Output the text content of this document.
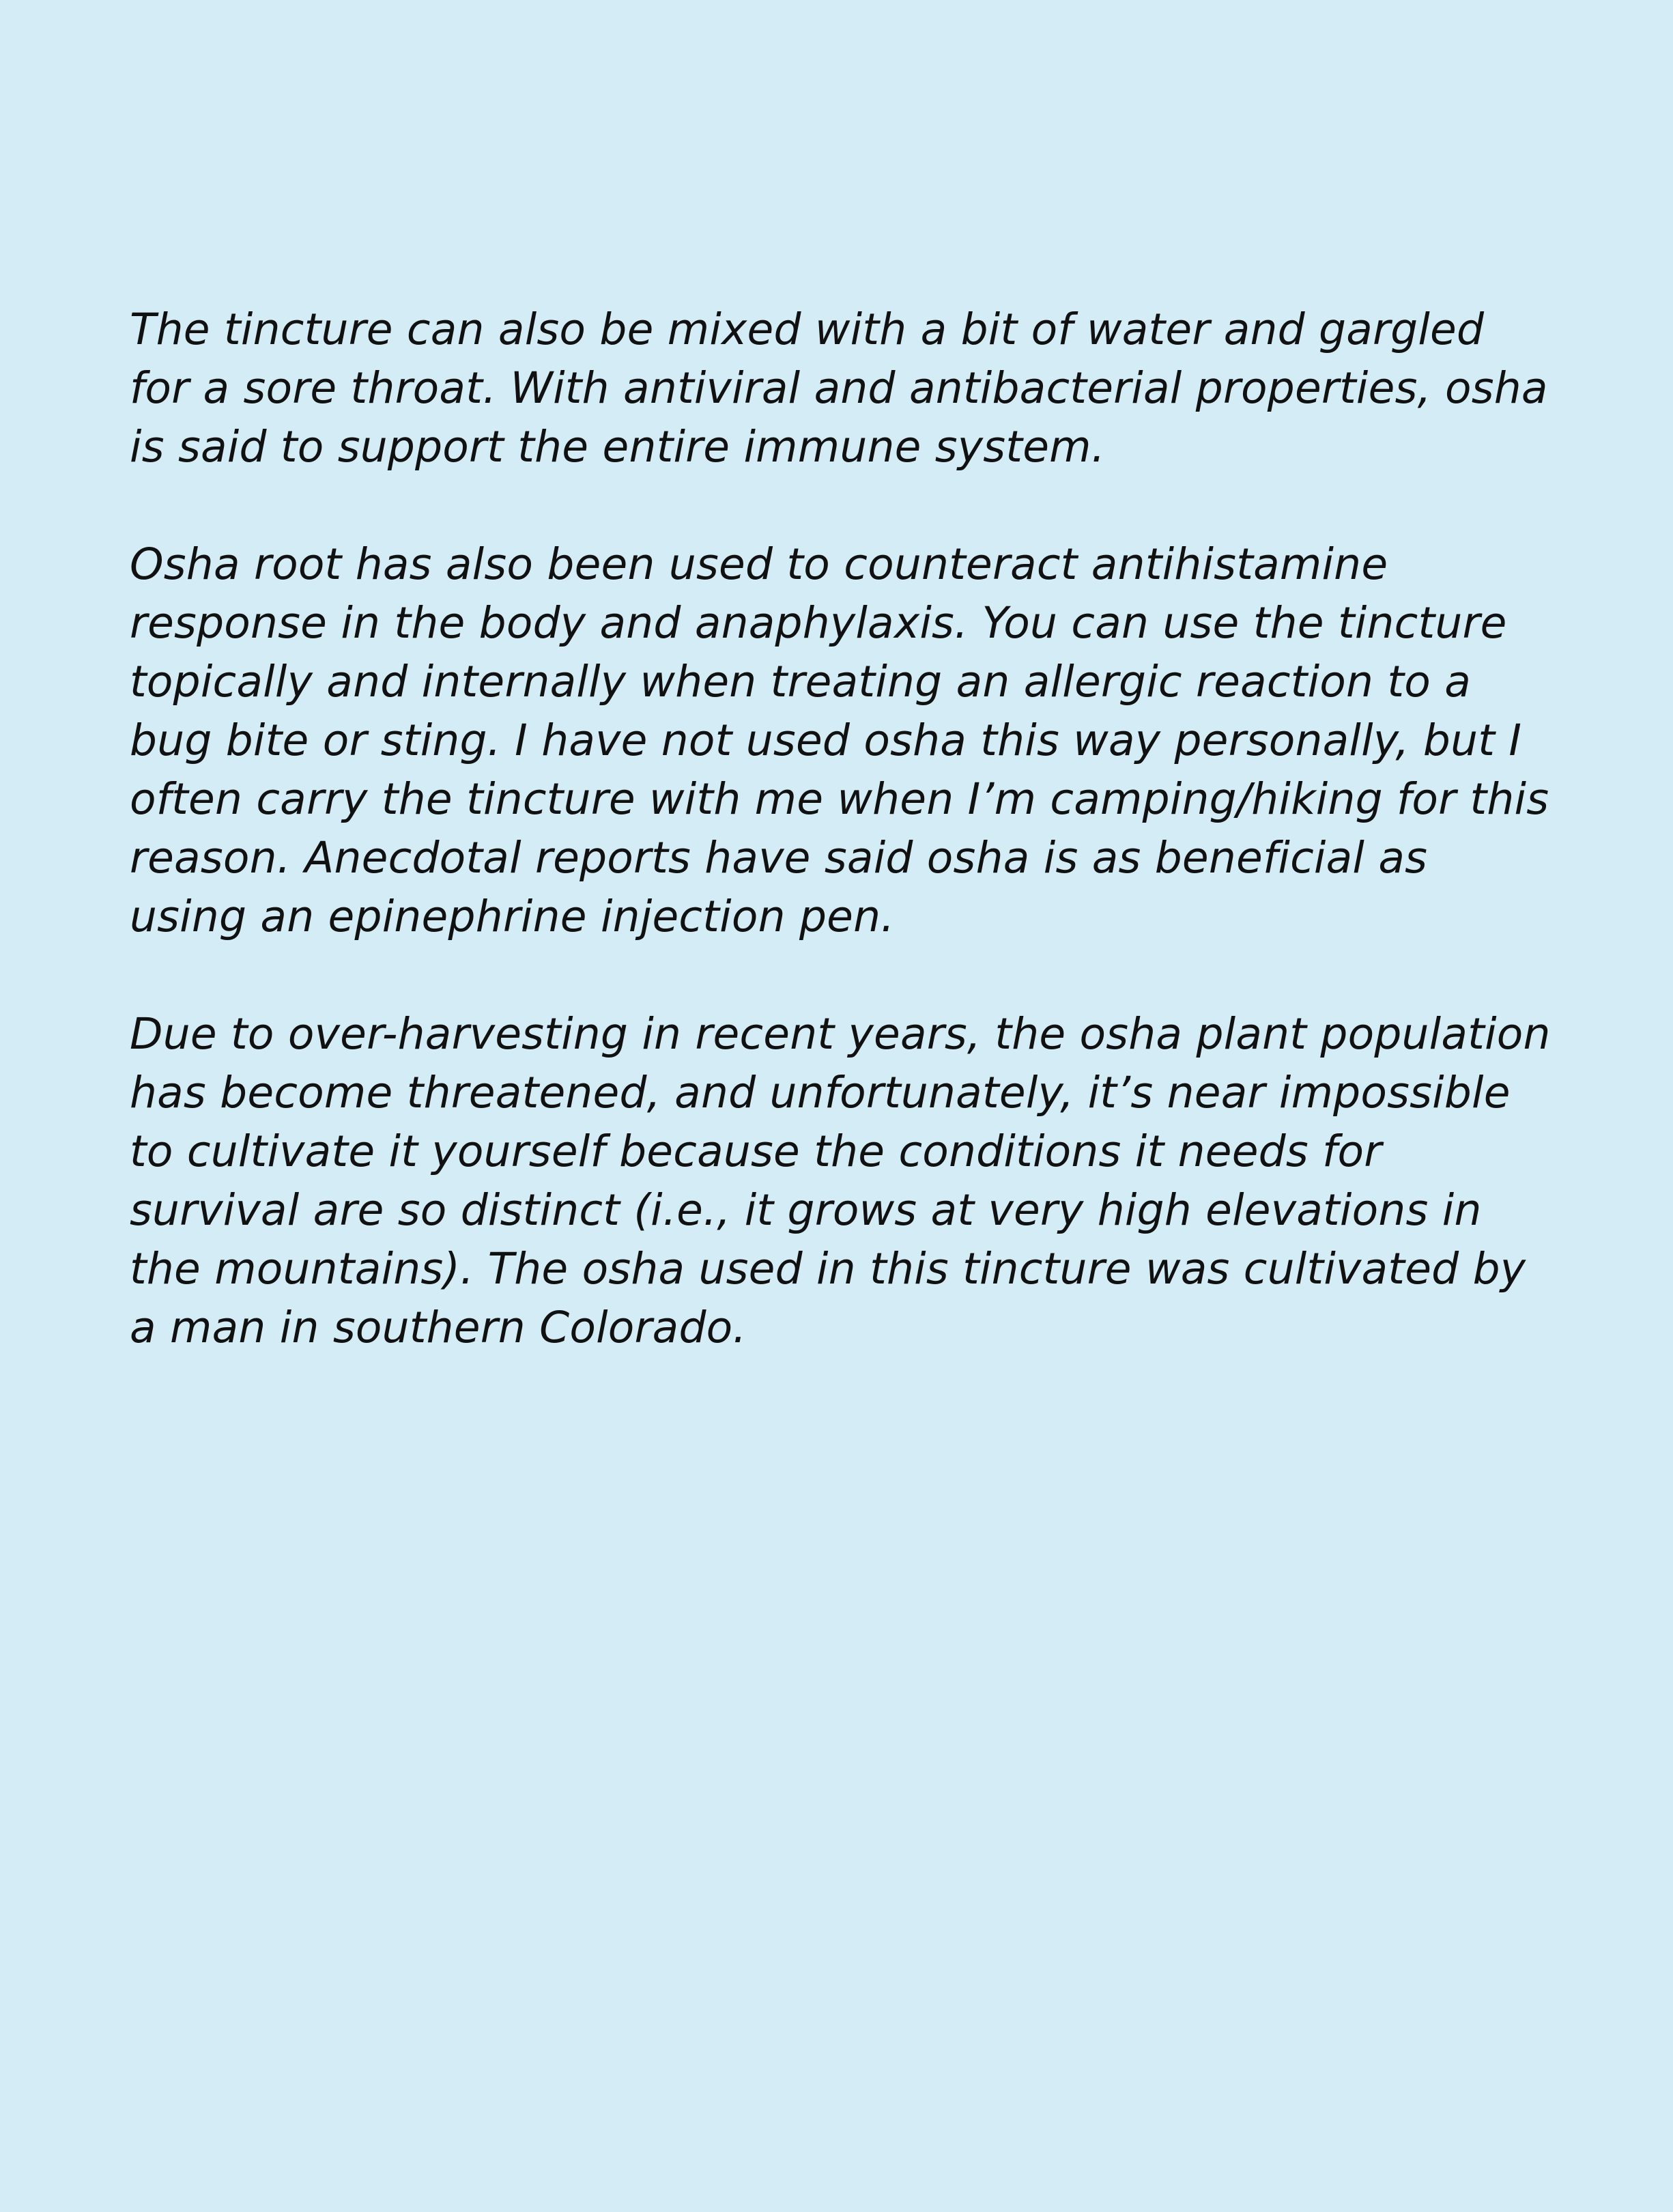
The tincture can also be mixed with a bit of water and gargled for a sore throat. With antiviral and antibacterial properties, osha is said to support the entire immune system.

Osha root has also been used to counteract antihistamine response in the body and anaphylaxis. You can use the tincture topically and internally when treating an allergic reaction to a bug bite or sting. I have not used osha this way personally, but I often carry the tincture with me when I’m camping/hiking for this reason. Anecdotal reports have said osha is as beneficial as using an epinephrine injection pen.

Due to over-harvesting in recent years, the osha plant population has become threatened, and unfortunately, it’s near impossible to cultivate it yourself because the conditions it needs for survival are so distinct (i.e., it grows at very high elevations in the mountains). The osha used in this tincture was cultivated by a man in southern Colorado.
